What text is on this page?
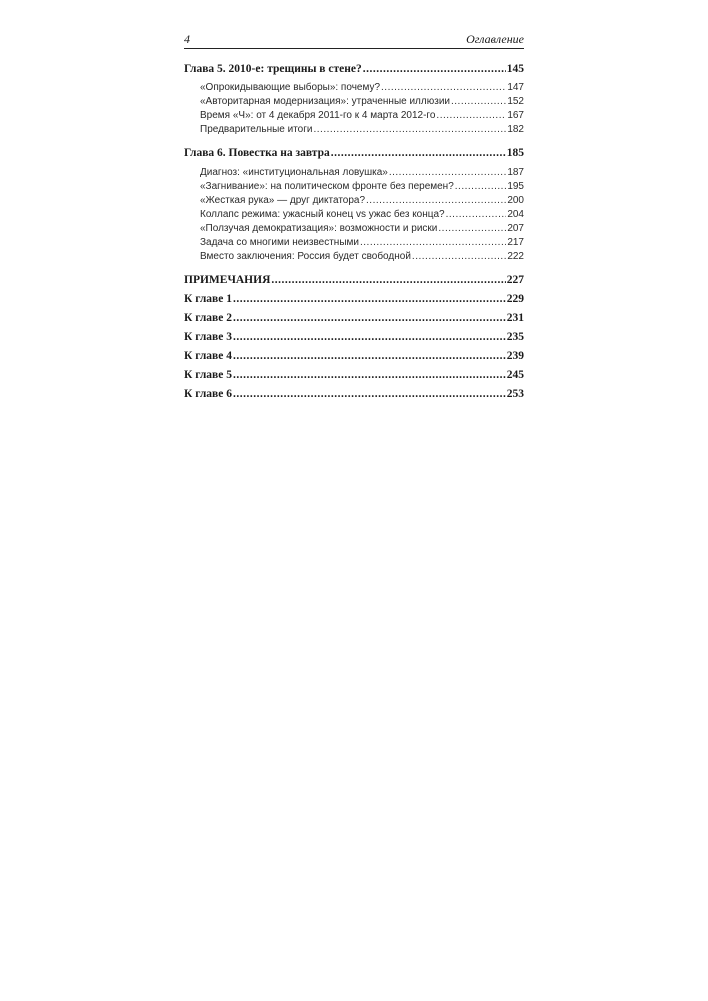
4	Оглавление
Глава 5. 2010-е: трещины в стене? .....	145
«Опрокидывающие выборы»: почему? .....	147
«Авторитарная модернизация»: утраченные иллюзии .....	152
Время «Ч»: от 4 декабря 2011-го к 4 марта 2012-го .....	167
Предварительные итоги .....	182
Глава 6. Повестка на завтра .....	185
Диагноз: «институциональная ловушка» .....	187
«Загнивание»: на политическом фронте без перемен? .....	195
«Жесткая рука» — друг диктатора? .....	200
Коллапс режима: ужасный конец vs ужас без конца? .....	204
«Ползучая демократизация»: возможности и риски .....	207
Задача со многими неизвестными .....	217
Вместо заключения: Россия будет свободной .....	222
ПРИМЕЧАНИЯ .....	227
К главе 1 .....	229
К главе 2 .....	231
К главе 3 .....	235
К главе 4 .....	239
К главе 5 .....	245
К главе 6 .....	253
